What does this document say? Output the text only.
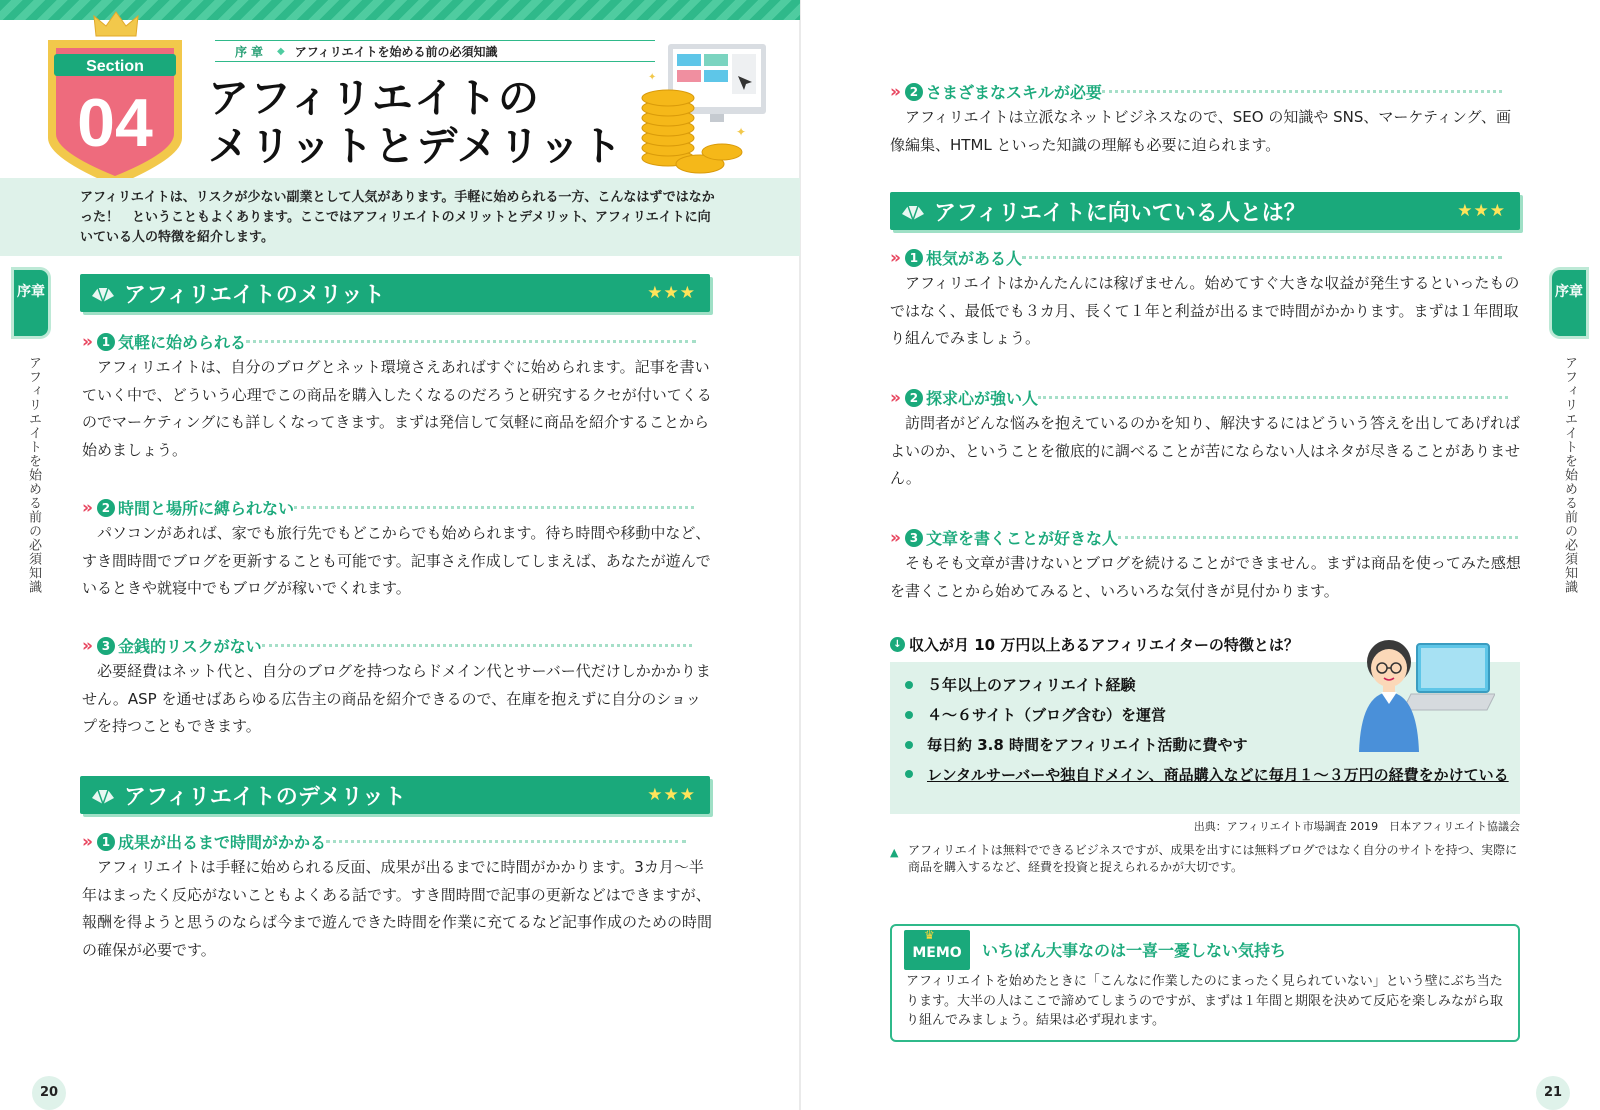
Section
04
序章 ◆ アフィリエイトを始める前の必須知識
アフィリエイトの
メリットとデメリット	✦
✦
アフィリエイトは、リスクが少ない副業として人気があります。手軽に始められる一方、こんなはずではなかった！　ということもよくあります。ここではアフィリエイトのメリットとデメリット、アフィリエイトに向いている人の特徴を紹介します。
序章
アフィリエイトを始める前の必須知識
序章
アフィリエイトを始める前の必須知識
アフィリエイトのメリット	★★★
»	1 気軽に始められる
アフィリエイトは、自分のブログとネット環境さえあればすぐに始められます。記事を書いていく中で、どういう心理でこの商品を購入したくなるのだろうと研究するクセが付いてくるのでマーケティングにも詳しくなってきます。まずは発信して気軽に商品を紹介することから始めましょう。
»	2 時間と場所に縛られない
パソコンがあれば、家でも旅行先でもどこからでも始められます。待ち時間や移動中など、すき間時間でブログを更新することも可能です。記事さえ作成してしまえば、あなたが遊んでいるときや就寝中でもブログが稼いでくれます。
»	3 金銭的リスクがない
必要経費はネット代と、自分のブログを持つならドメイン代とサーバー代だけしかかかりません。ASP を通せばあらゆる広告主の商品を紹介できるので、在庫を抱えずに自分のショップを持つこともできます。
アフィリエイトのデメリット	★★★
»	1 成果が出るまで時間がかかる
アフィリエイトは手軽に始められる反面、成果が出るまでに時間がかかります。3カ月〜半年はまったく反応がないこともよくある話です。すき間時間で記事の更新などはできますが、報酬を得ようと思うのならば今まで遊んできた時間を作業に充てるなど記事作成のための時間の確保が必要です。
20
»	2 さまざまなスキルが必要
アフィリエイトは立派なネットビジネスなので、SEO の知識や SNS、マーケティング、画像編集、HTML といった知識の理解も必要に迫られます。
アフィリエイトに向いている人とは？	★★★
»	1 根気がある人
アフィリエイトはかんたんには稼げません。始めてすぐ大きな収益が発生するといったものではなく、最低でも３カ月、長くて１年と利益が出るまで時間がかかります。まずは１年間取り組んでみましょう。
»	2 探求心が強い人
訪問者がどんな悩みを抱えているのかを知り、解決するにはどういう答えを出してあげればよいのか、ということを徹底的に調べることが苦にならない人はネタが尽きることがありません。
»	3 文章を書くことが好きな人
そもそも文章が書けないとブログを続けることができません。まずは商品を使ってみた感想を書くことから始めてみると、いろいろな気付きが見付かります。
↓ 収入が月 10 万円以上あるアフィリエイターの特徴とは？
５年以上のアフィリエイト経験
４〜６サイト（ブログ含む）を運営
毎日約 3.8 時間をアフィリエイト活動に費やす
レンタルサーバーや独自ドメイン、商品購入などに毎月１〜３万円の経費をかけている
出典：アフィリエイト市場調査 2019　日本アフィリエイト協議会
▲ アフィリエイトは無料でできるビジネスですが、成果を出すには無料ブログではなく自分のサイトを持つ、実際に商品を購入するなど、経費を投資と捉えられるかが大切です。
♛
MEMO	いちばん大事なのは一喜一憂しない気持ち
アフィリエイトを始めたときに「こんなに作業したのにまったく見られていない」という壁にぶち当たります。大半の人はここで諦めてしまうのですが、まずは１年間と期限を決めて反応を楽しみながら取り組んでみましょう。結果は必ず現れます。
21
